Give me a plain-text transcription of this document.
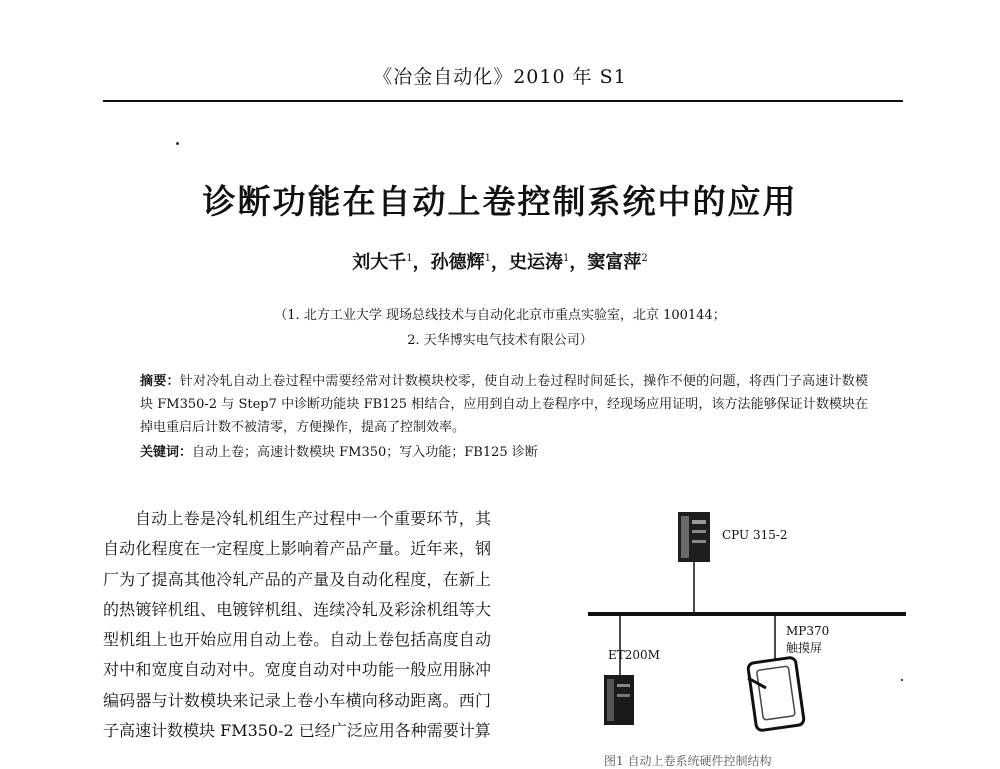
《冶金自动化》2010 年 S1
诊断功能在自动上卷控制系统中的应用
刘大千$^1$，孙德辉$^1$，史运涛$^1$，窦富萍$^2$
（1. 北方工业大学 现场总线技术与自动化北京市重点实验室，北京 100144；
2. 天华博实电气技术有限公司）
摘要：针对冷轧自动上卷过程中需要经常对计数模块校零，使自动上卷过程时间延长，操作不便的问题，将西门子高速计数模块 FM350-2 与 Step7 中诊断功能块 FB125 相结合，应用到自动上卷程序中，经现场应用证明，该方法能够保证计数模块在掉电重启后计数不被清零，方便操作，提高了控制效率。
关键词：自动上卷；高速计数模块 FM350；写入功能；FB125 诊断
自动上卷是冷轧机组生产过程中一个重要环节，其自动化程度在一定程度上影响着产品产量。近年来，钢厂为了提高其他冷轧产品的产量及自动化程度，在新上的热镀锌机组、电镀锌机组、连续冷轧及彩涂机组等大型机组上也开始应用自动上卷。自动上卷包括高度自动对中和宽度自动对中。宽度自动对中功能一般应用脉冲编码器与计数模块来记录上卷小车横向移动距离。西门子高速计数模块 FM350-2 已经广泛应用各种需要计算
CPU 315-2
ET200M
MP370
触摸屏
图1 自动上卷系统硬件控制结构
